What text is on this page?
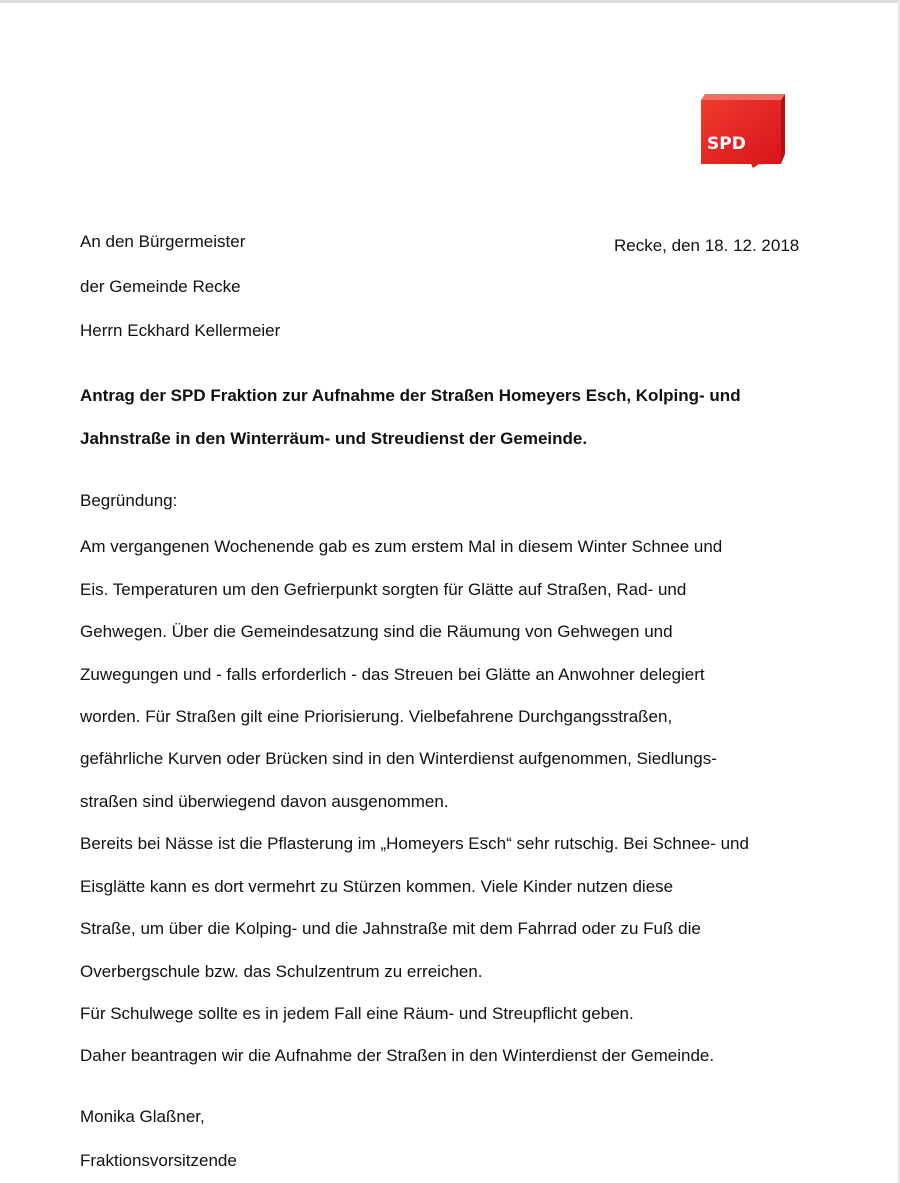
SPD
An den Bürgermeister
der Gemeinde Recke
Herrn Eckhard Kellermeier
Recke, den 18. 12. 2018
Antrag der SPD Fraktion zur Aufnahme der Straßen Homeyers Esch, Kolping- und
Jahnstraße in den Winterräum- und Streudienst der Gemeinde.
Begründung:
Am vergangenen Wochenende gab es zum erstem Mal in diesem Winter Schnee und
Eis. Temperaturen um den Gefrierpunkt sorgten für Glätte auf Straßen, Rad- und
Gehwegen. Über die Gemeindesatzung sind die Räumung von Gehwegen und
Zuwegungen und - falls erforderlich - das Streuen bei Glätte an Anwohner delegiert
worden. Für Straßen gilt eine Priorisierung. Vielbefahrene Durchgangsstraßen,
gefährliche Kurven oder Brücken sind in den Winterdienst aufgenommen, Siedlungs-
straßen sind überwiegend davon ausgenommen.
Bereits bei Nässe ist die Pflasterung im „Homeyers Esch“ sehr rutschig. Bei Schnee- und
Eisglätte kann es dort vermehrt zu Stürzen kommen. Viele Kinder nutzen diese
Straße, um über die Kolping- und die Jahnstraße mit dem Fahrrad oder zu Fuß die
Overbergschule bzw. das Schulzentrum zu erreichen.
Für Schulwege sollte es in jedem Fall eine Räum- und Streupflicht geben.
Daher beantragen wir die Aufnahme der Straßen in den Winterdienst der Gemeinde.
Monika Glaßner,
Fraktionsvorsitzende
